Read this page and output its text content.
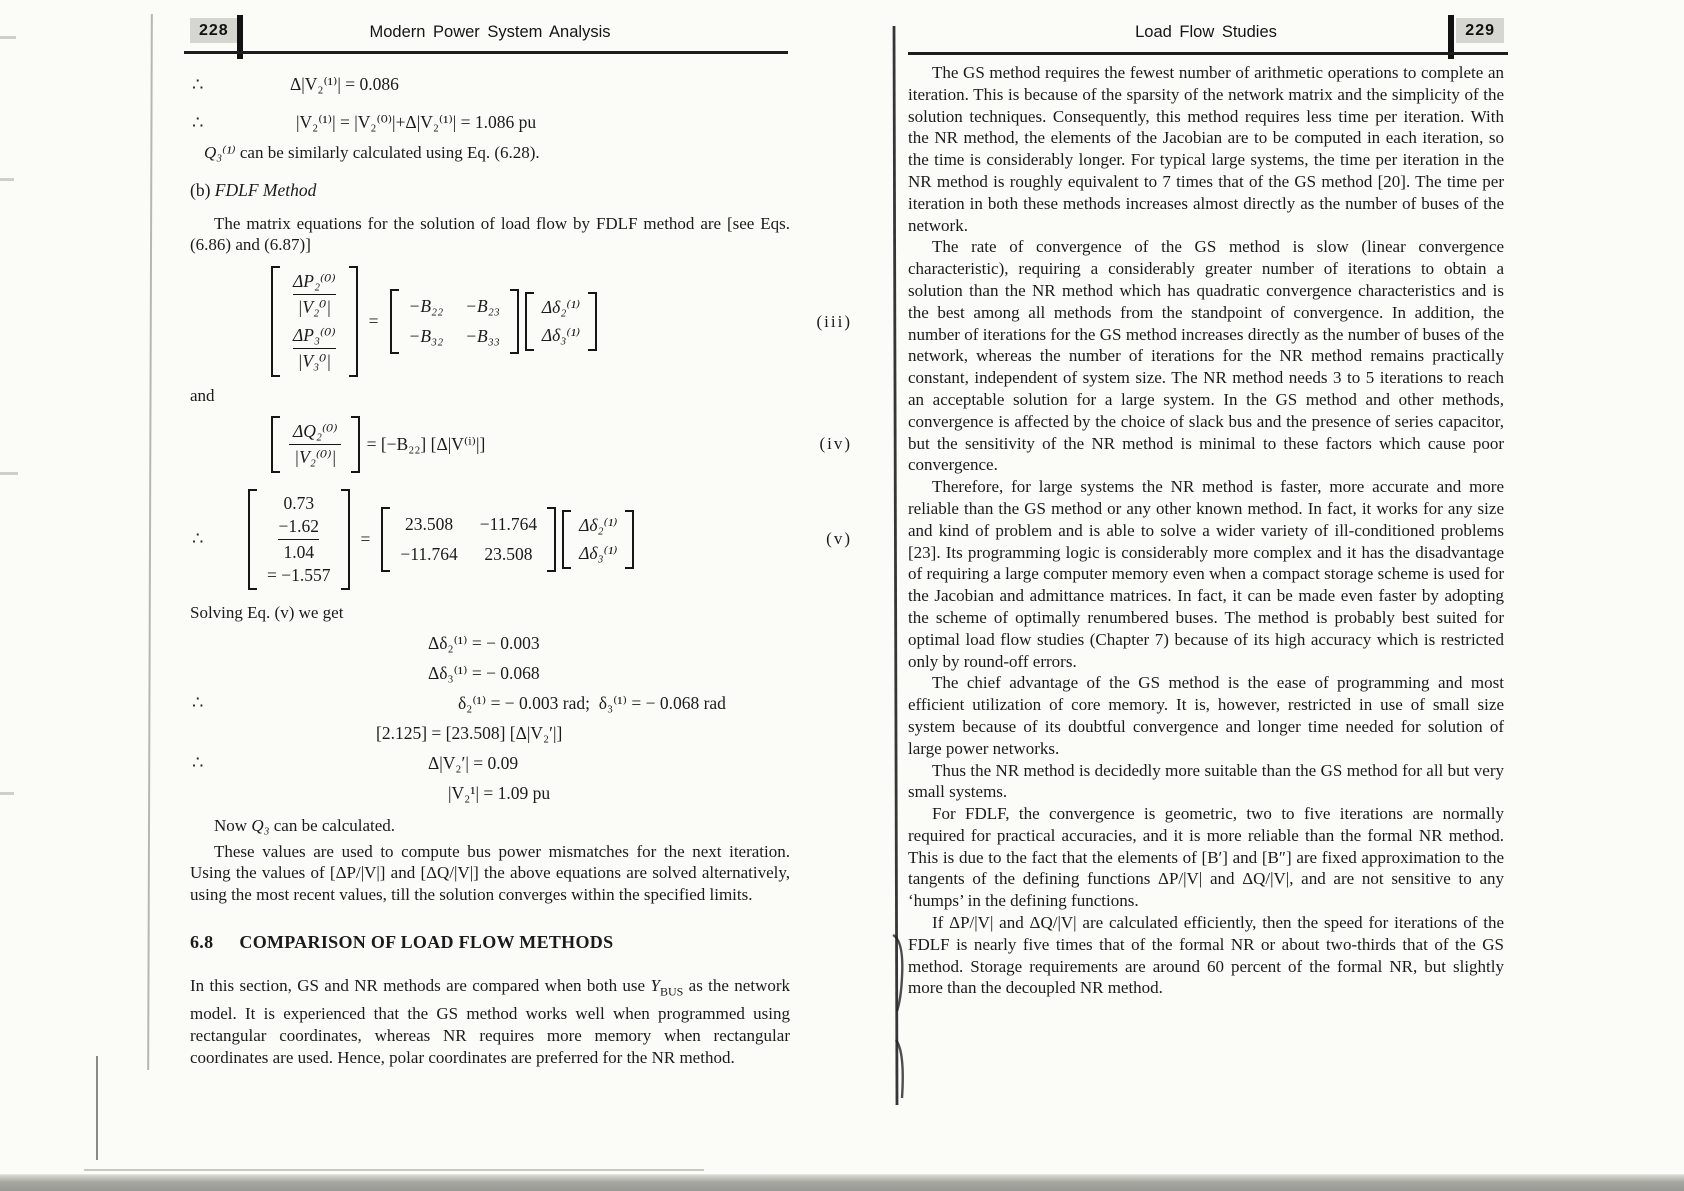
228	Modern Power System Analysis
∴	Δ|V₂⁽¹⁾| = 0.086
∴	|V₂⁽¹⁾| = |V₂⁽⁰⁾|+Δ|V₂⁽¹⁾| = 1.086 pu

Q₃⁽¹⁾ can be similarly calculated using Eq. (6.28).

(b) FDLF Method

The matrix equations for the solution of load flow by FDLF method are [see Eqs. (6.86) and (6.87)]

$\frac{\text{ΔP₂⁽⁰⁾}}{\text{|V₂⁰|}}$
$\frac{\text{ΔP₃⁽⁰⁾}}{\text{|V₃⁰|}}$
=
−B₂₂ −B₂₃
−B₃₂ −B₃₃
Δδ₂⁽¹⁾
Δδ₃⁽¹⁾
(iii)

and

$\frac{\text{ΔQ₂⁽⁰⁾}}{\text{|V₂⁽⁰⁾|}} = [-B_{22}]$ [Δ|V⁽ⁱ⁾|]	(iv)
∴
0.73
$\frac{-1.62}{1.04}$
= −1.557
=
23.508 −11.764
−11.764 23.508
Δδ₂⁽¹⁾
Δδ₃⁽¹⁾
(v)

Solving Eq. (v) we get

Δδ₂⁽¹⁾ = − 0.003
Δδ₃⁽¹⁾ = − 0.068
∴	δ₂⁽¹⁾ = − 0.003 rad;  δ₃⁽¹⁾ = − 0.068 rad
[2.125] = [23.508] [Δ|V₂′|]
∴	Δ|V₂′| = 0.09
|V₂¹| = 1.09 pu

Now Q₃ can be calculated.

These values are used to compute bus power mismatches for the next iteration. Using the values of [ΔP/|V|] and [ΔQ/|V|] the above equations are solved alternatively, using the most recent values, till the solution converges within the specified limits.

6.8 COMPARISON OF LOAD FLOW METHODS

In this section, GS and NR methods are compared when both use $Y_{BUS}$ as the network model. It is experienced that the GS method works well when programmed using rectangular coordinates, whereas NR requires more memory when rectangular coordinates are used. Hence, polar coordinates are preferred for the NR method.

Load Flow Studies	229

The GS method requires the fewest number of arithmetic operations to complete an iteration. This is because of the sparsity of the network matrix and the simplicity of the solution techniques. Consequently, this method requires less time per iteration. With the NR method, the elements of the Jacobian are to be computed in each iteration, so the time is considerably longer. For typical large systems, the time per iteration in the NR method is roughly equivalent to 7 times that of the GS method [20]. The time per iteration in both these methods increases almost directly as the number of buses of the network.

The rate of convergence of the GS method is slow (linear convergence characteristic), requiring a considerably greater number of iterations to obtain a solution than the NR method which has quadratic convergence characteristics and is the best among all methods from the standpoint of convergence. In addition, the number of iterations for the GS method increases directly as the number of buses of the network, whereas the number of iterations for the NR method remains practically constant, independent of system size. The NR method needs 3 to 5 iterations to reach an acceptable solution for a large system. In the GS method and other methods, convergence is affected by the choice of slack bus and the presence of series capacitor, but the sensitivity of the NR method is minimal to these factors which cause poor convergence.

Therefore, for large systems the NR method is faster, more accurate and more reliable than the GS method or any other known method. In fact, it works for any size and kind of problem and is able to solve a wider variety of ill-conditioned problems [23]. Its programming logic is considerably more complex and it has the disadvantage of requiring a large computer memory even when a compact storage scheme is used for the Jacobian and admittance matrices. In fact, it can be made even faster by adopting the scheme of optimally renumbered buses. The method is probably best suited for optimal load flow studies (Chapter 7) because of its high accuracy which is restricted only by round-off errors.

The chief advantage of the GS method is the ease of programming and most efficient utilization of core memory. It is, however, restricted in use of small size system because of its doubtful convergence and longer time needed for solution of large power networks.

Thus the NR method is decidedly more suitable than the GS method for all but very small systems.

For FDLF, the convergence is geometric, two to five iterations are normally required for practical accuracies, and it is more reliable than the formal NR method. This is due to the fact that the elements of [B′] and [B″] are fixed approximation to the tangents of the defining functions ΔP/|V| and ΔQ/|V|, and are not sensitive to any ‘humps’ in the defining functions.

If ΔP/|V| and ΔQ/|V| are calculated efficiently, then the speed for iterations of the FDLF is nearly five times that of the formal NR or about two-thirds that of the GS method. Storage requirements are around 60 percent of the formal NR, but slightly more than the decoupled NR method.
